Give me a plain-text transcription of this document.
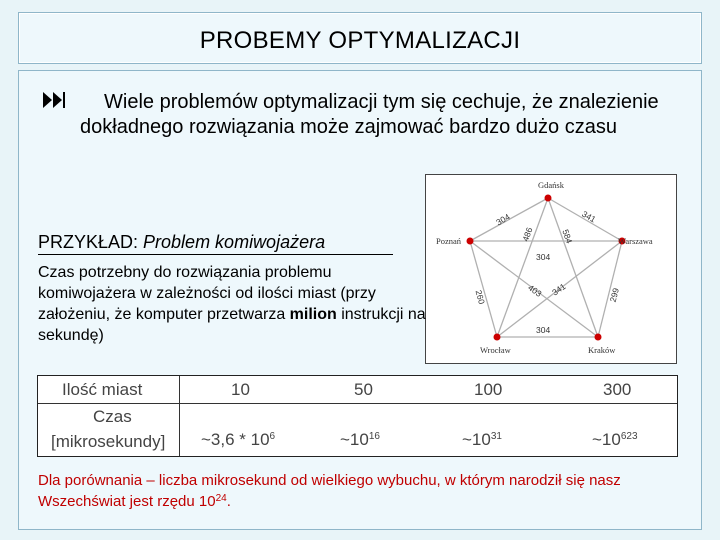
PROBEMY OPTYMALIZACJI
Wiele problemów optymalizacji tym się cechuje, że znalezienie dokładnego rozwiązania może zajmować bardzo dużo czasu
Gdańsk
Poznań	Warszawa
Wrocław	Kraków
304	341
486	584
304
260	403 341	299
304
PRZYKŁAD: Problem komiwojażera
Czas potrzebny do rozwiązania problemu komiwojażera w zależności od ilości miast (przy założeniu, że komputer przetwarza milion instrukcji na sekundę)
Ilość miast	10	50	100	300
Czas
[mikrosekundy] ~3,6 * $10^6$	$\sim 10^{16}$	$\sim 10^{31}$	$\sim 10^{623}$
Dla porównania – liczba mikrosekund od wielkiego wybuchu, w którym narodził się nasz Wszechświat jest rzędu $10^{24}$.
